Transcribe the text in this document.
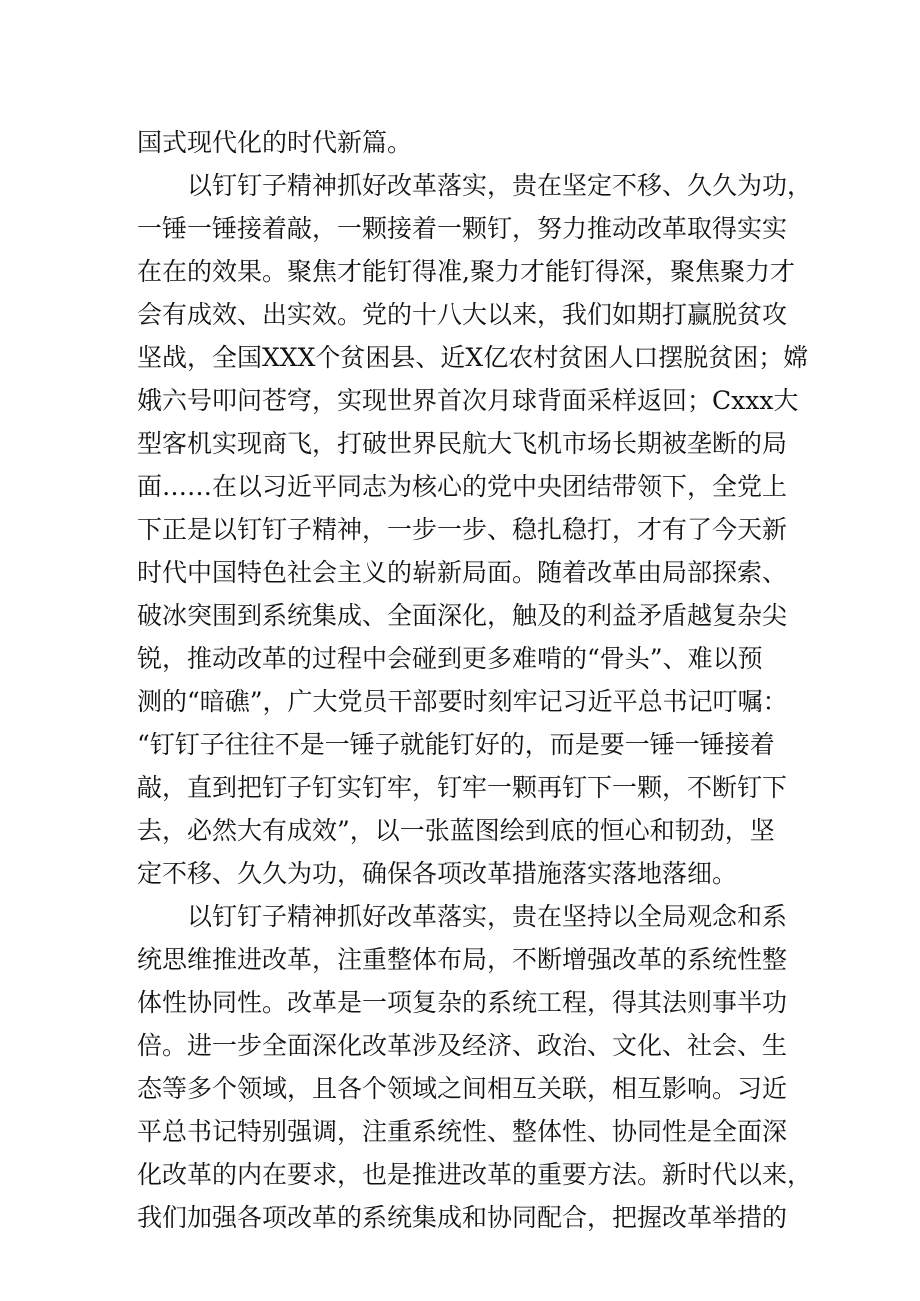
国式现代化的时代新篇。
以钉钉子精神抓好改革落实，贵在坚定不移、久久为功，
一锤一锤接着敲，一颗接着一颗钉，努力推动改革取得实实
在在的效果。聚焦才能钉得准,聚力才能钉得深，聚焦聚力才
会有成效、出实效。党的十八大以来，我们如期打赢脱贫攻
坚战，全国XXX个贫困县、近X亿农村贫困人口摆脱贫困；嫦
娥六号叩问苍穹，实现世界首次月球背面采样返回；Cxxx大
型客机实现商飞，打破世界民航大飞机市场长期被垄断的局
面……在以习近平同志为核心的党中央团结带领下，全党上
下正是以钉钉子精神，一步一步、稳扎稳打，才有了今天新
时代中国特色社会主义的崭新局面。随着改革由局部探索、
破冰突围到系统集成、全面深化，触及的利益矛盾越复杂尖
锐，推动改革的过程中会碰到更多难啃的“骨头”、难以预
测的“暗礁”，广大党员干部要时刻牢记习近平总书记叮嘱：
“钉钉子往往不是一锤子就能钉好的，而是要一锤一锤接着
敲，直到把钉子钉实钉牢，钉牢一颗再钉下一颗，不断钉下
去，必然大有成效”，以一张蓝图绘到底的恒心和韧劲，坚
定不移、久久为功，确保各项改革措施落实落地落细。
以钉钉子精神抓好改革落实，贵在坚持以全局观念和系
统思维推进改革，注重整体布局，不断增强改革的系统性整
体性协同性。改革是一项复杂的系统工程，得其法则事半功
倍。进一步全面深化改革涉及经济、政治、文化、社会、生
态等多个领域，且各个领域之间相互关联，相互影响。习近
平总书记特别强调，注重系统性、整体性、协同性是全面深
化改革的内在要求，也是推进改革的重要方法。新时代以来，
我们加强各项改革的系统集成和协同配合，把握改革举措的
